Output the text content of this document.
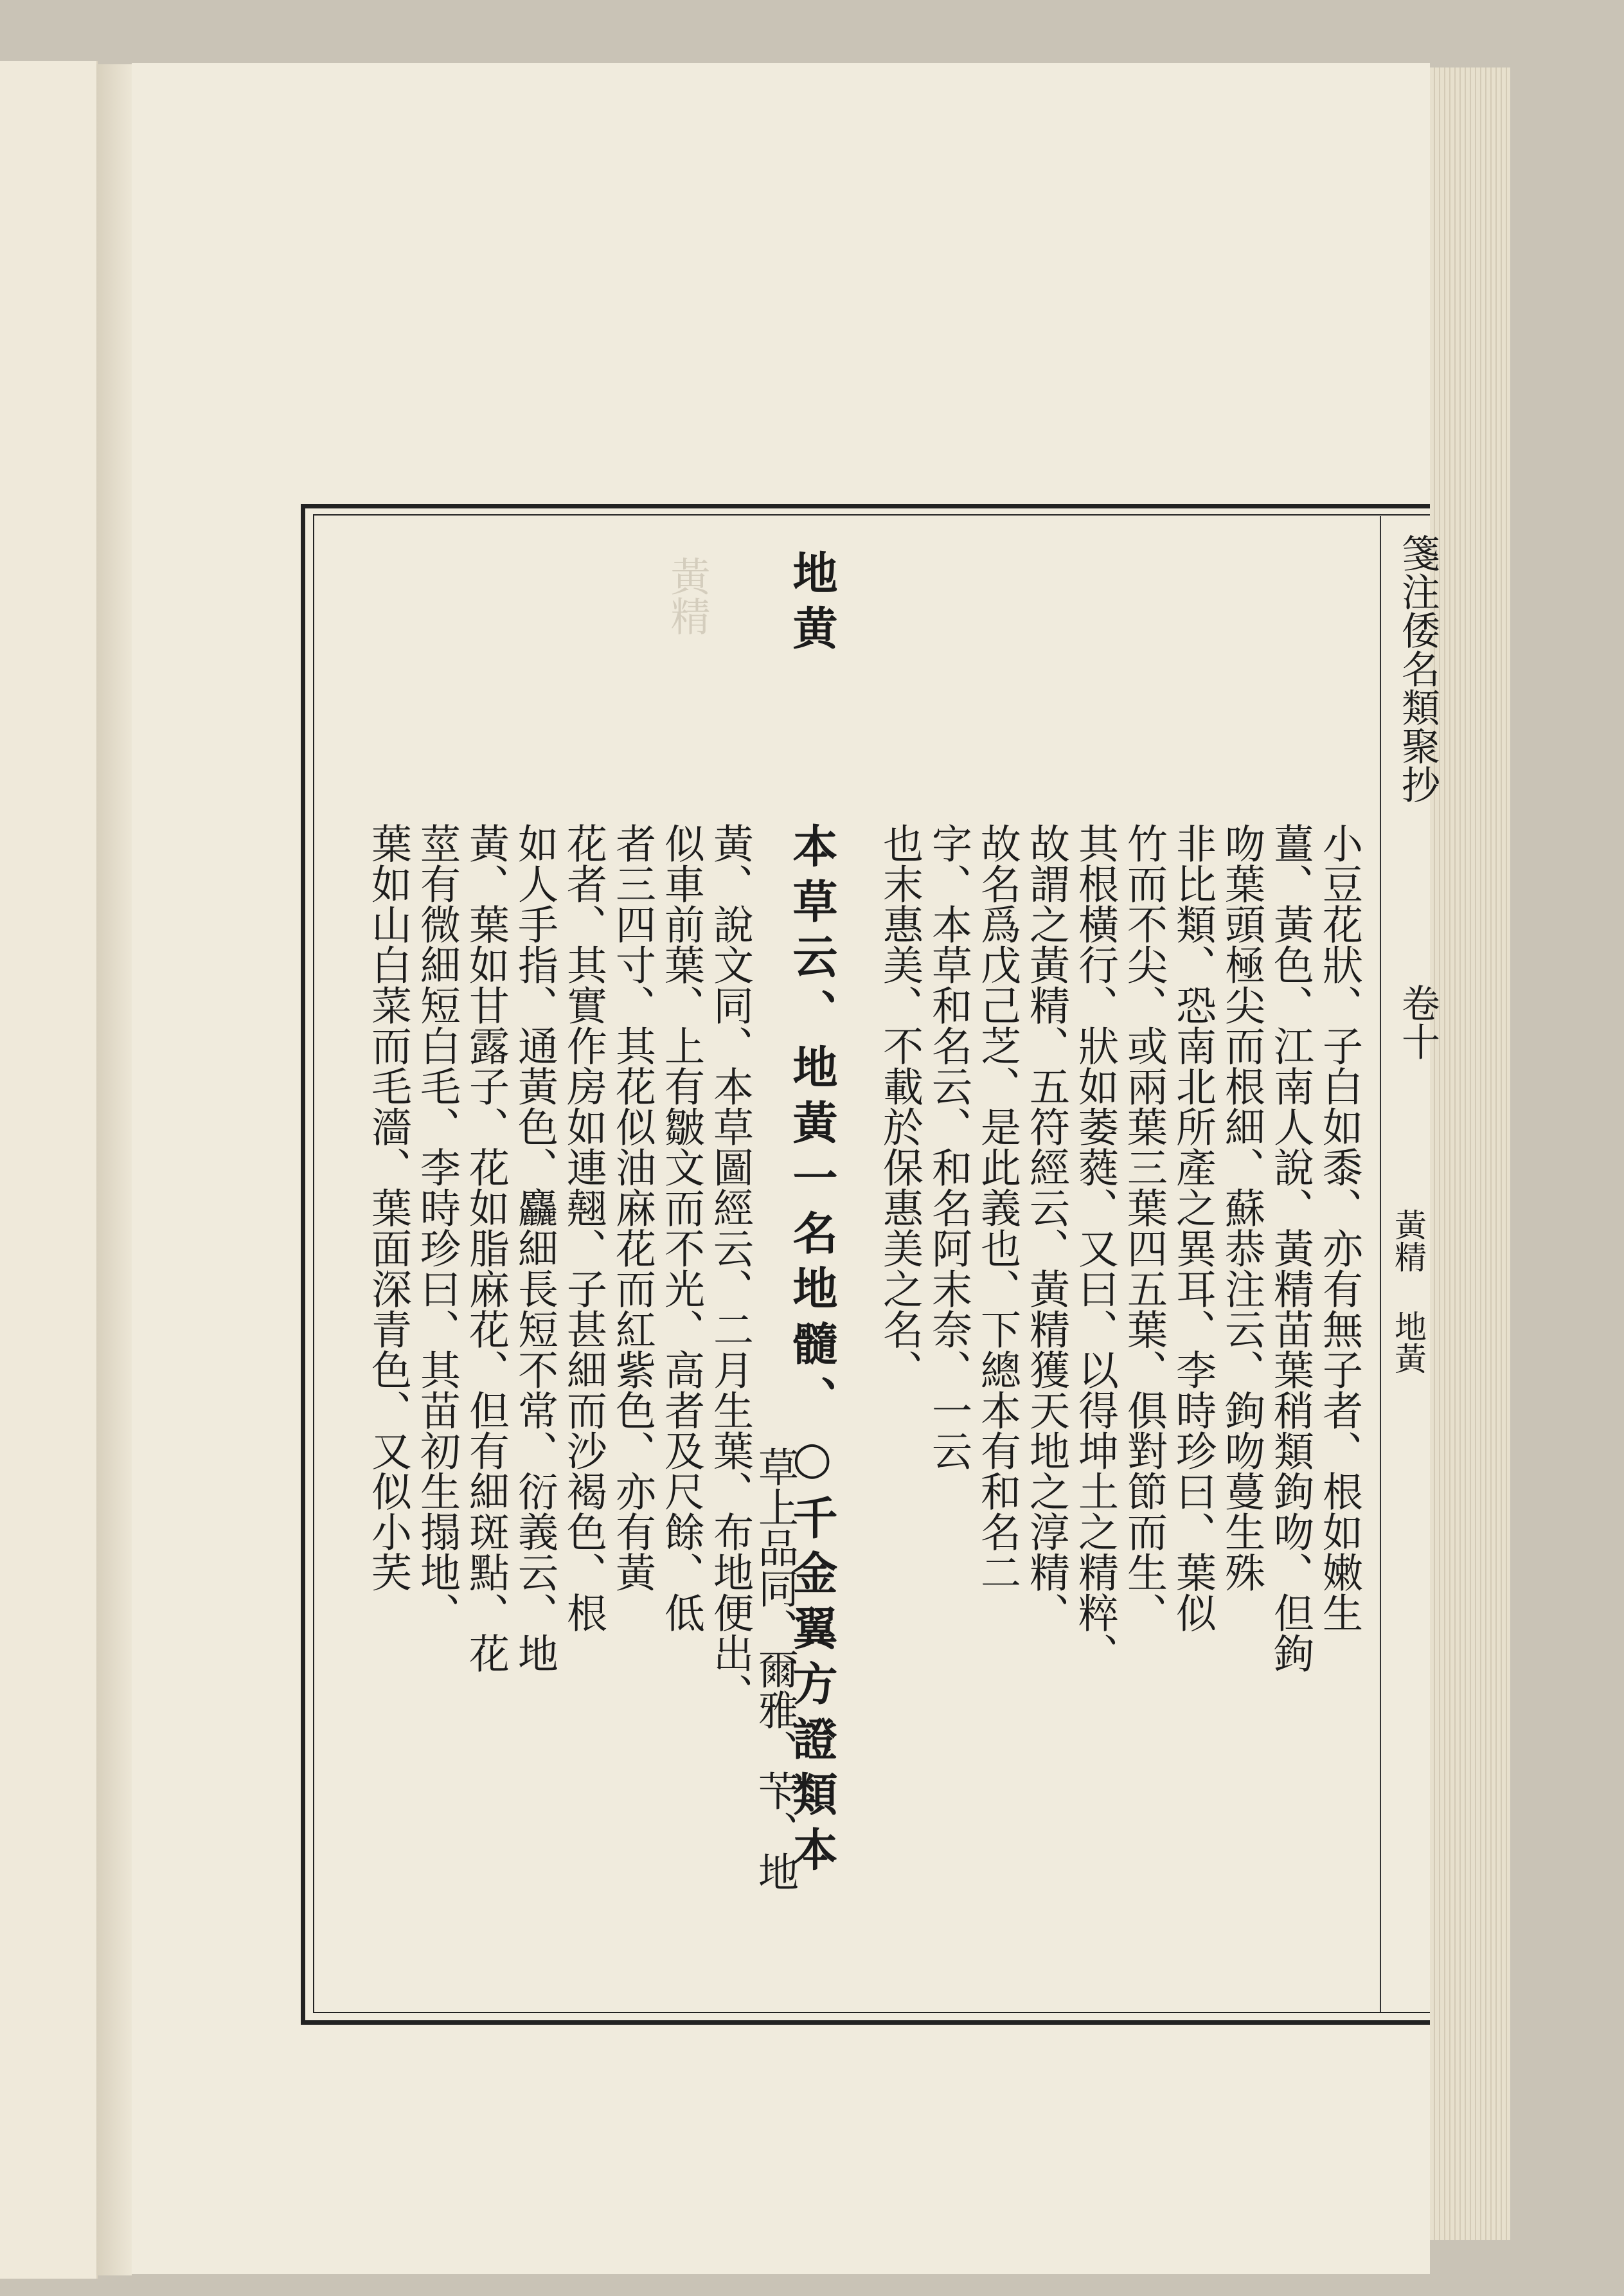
黃精	箋注倭名類聚抄
卷十
黃精 地黃
地黄
小豆花狀、子白如黍、亦有無子者、根如嫩生
薑、黃色、江南人說、黃精苗葉稍類鉤吻、但鉤
吻葉頭極尖而根細、蘇恭注云、鉤吻蔓生殊
非比類、恐南北所產之異耳、李時珍曰、葉似
竹而不尖、或兩葉三葉四五葉、俱對節而生、
其根橫行、狀如萎蕤、又曰、以得坤土之精粹、
故謂之黃精、五符經云、黃精獲天地之淳精、
故名爲戊己芝、是此義也、下總本有和名二
字、本草和名云、和名阿末奈、一云
也末惠美、不載於保惠美之名、
本草云、地黃一名地髓、○千金翼方證類本
草上品同、爾雅、苄、地
黃、說文同、本草圖經云、二月生葉、布地便出、
似車前葉、上有皺文而不光、高者及尺餘、低
者三四寸、其花似油麻花而紅紫色、亦有黃
花者、其實作房如連翹、子甚細而沙褐色、根
如人手指、通黃色、麤細長短不常、衍義云、地
黃、葉如甘露子、花如脂麻花、但有細斑點、花
莖有微細短白毛、李時珍曰、其苗初生搨地、
葉如山白菜而毛濇、葉面深青色、又似小芺
